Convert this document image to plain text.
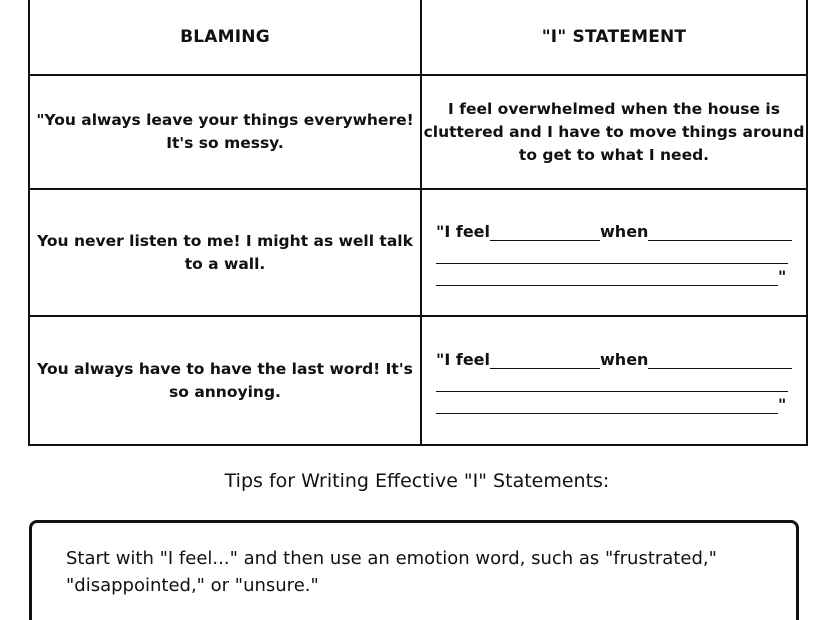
BLAMING	"I" STATEMENT
"You always leave your things everywhere! It's so messy.	I feel overwhelmed when the house is cluttered and I have to move things around to get to what I need.
You never listen to me! I might as well talk to a wall.	"I feel when
"

You always have to have the last word! It's so annoying.	"I feel when
"
Tips for Writing Effective "I" Statements:
Start with "I feel..." and then use an emotion word, such as "frustrated," "disappointed," or "unsure."
